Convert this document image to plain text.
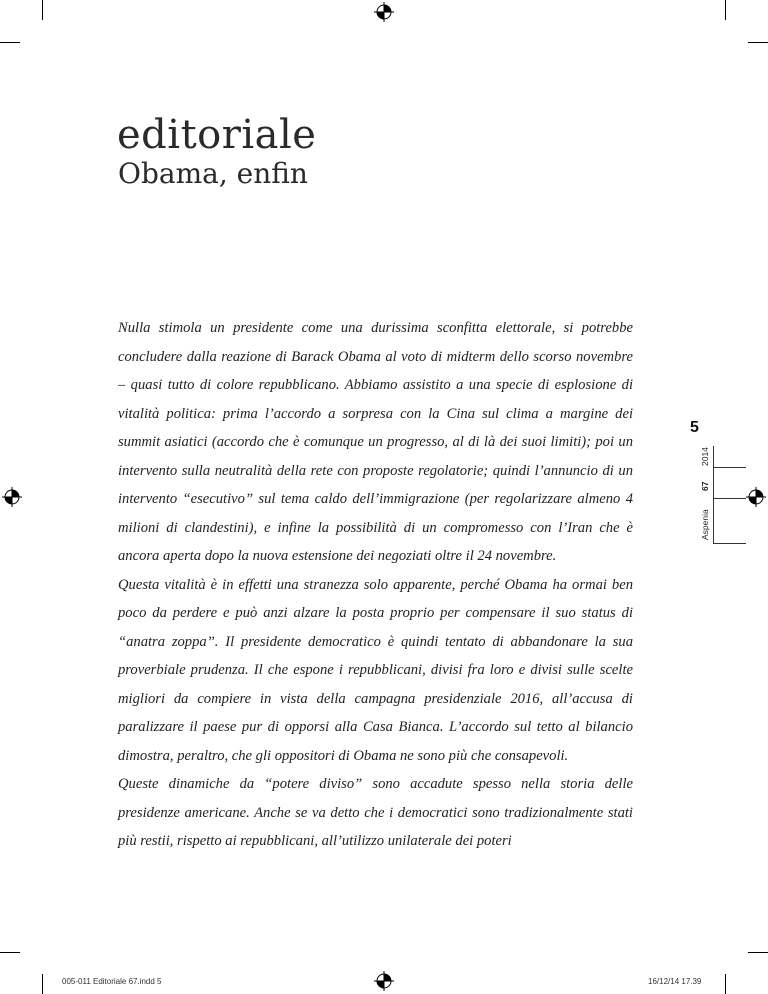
editoriale
Obama, enfin

Nulla stimola un presidente come una durissima sconfitta elettorale, si potrebbe concludere dalla reazione di Barack Obama al voto di midterm dello scorso novembre – quasi tutto di colore repubblicano. Abbiamo assistito a una specie di esplosione di vitalità politica: prima l’accordo a sorpresa con la Cina sul clima a margine dei summit asiatici (accordo che è comunque un progresso, al di là dei suoi limiti); poi un intervento sulla neutralità della rete con proposte regolatorie; quindi l’annuncio di un intervento “esecutivo” sul tema caldo dell’immigrazione (per regolarizzare almeno 4 milioni di clandestini), e infine la possibilità di un compromesso con l’Iran che è ancora aperta dopo la nuova estensione dei negoziati oltre il 24 novembre.

Questa vitalità è in effetti una stranezza solo apparente, perché Obama ha ormai ben poco da perdere e può anzi alzare la posta proprio per compensare il suo status di “anatra zoppa”. Il presidente democratico è quindi tentato di abbandonare la sua proverbiale prudenza. Il che espone i repubblicani, divisi fra loro e divisi sulle scelte migliori da compiere in vista della campagna presidenziale 2016, all’accusa di paralizzare il paese pur di opporsi alla Casa Bianca. L’accordo sul tetto al bilancio dimostra, peraltro, che gli oppositori di Obama ne sono più che consapevoli.

Queste dinamiche da “potere diviso” sono accadute spesso nella storia delle presidenze americane. Anche se va detto che i democratici sono tradizionalmente stati più restii, rispetto ai repubblicani, all’utilizzo unilaterale dei poteri

5
2014
67
Aspenia
005-011 Editoriale 67.indd 5	16/12/14 17.39
